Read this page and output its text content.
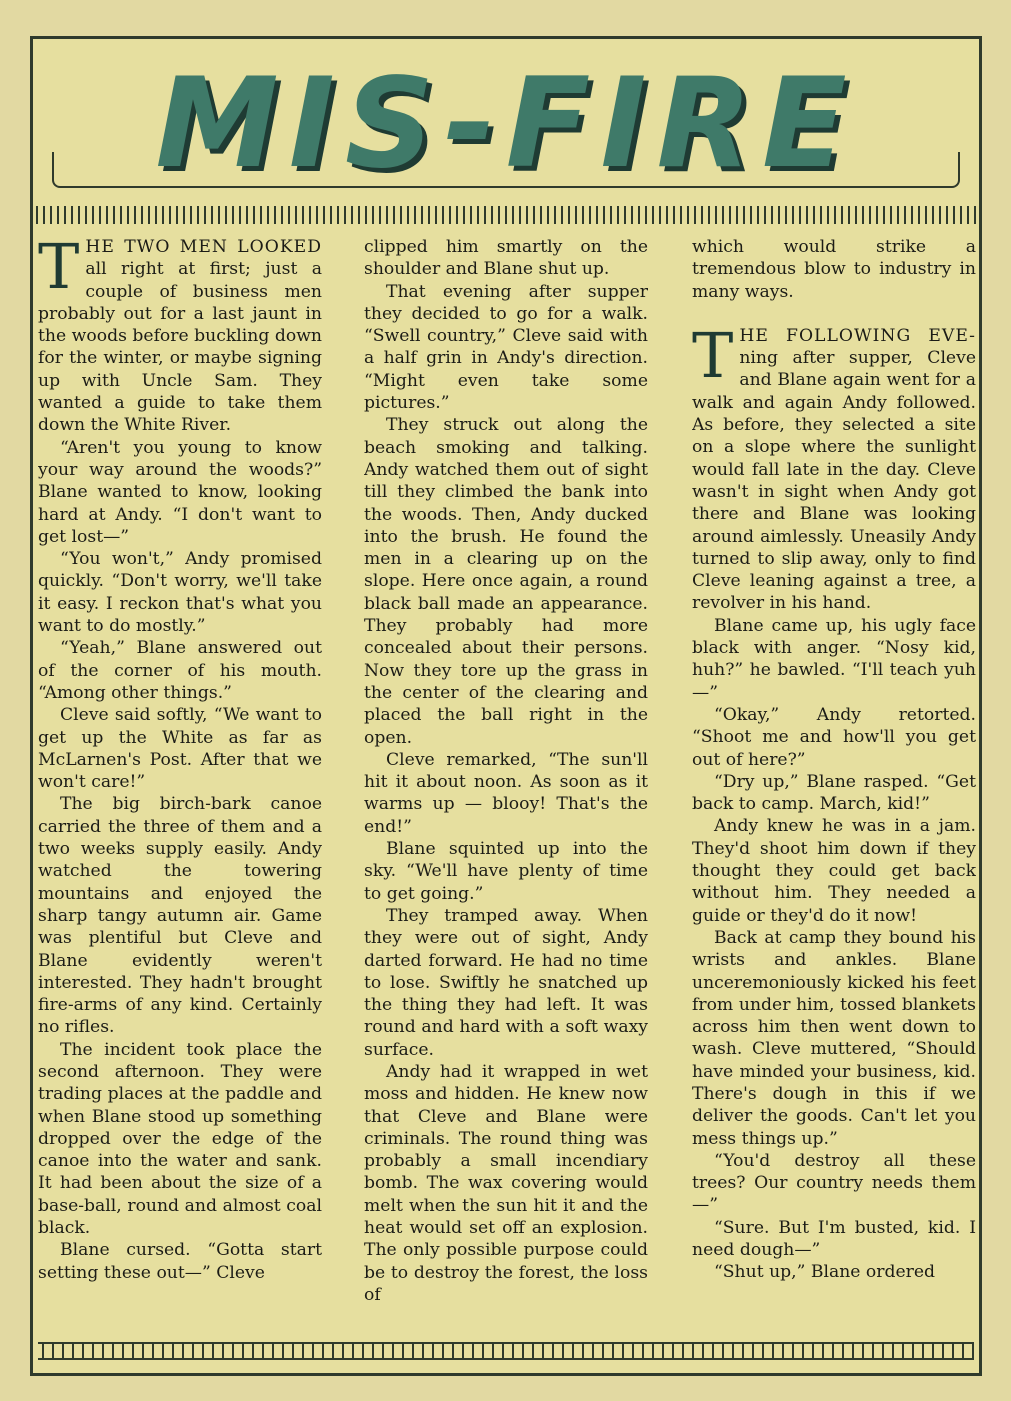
MIS-FIRE

THE TWO MEN LOOKED all right at first; just a couple of business men probably out for a last jaunt in the woods before buckling down for the winter, or maybe signing up with Uncle Sam. They wanted a guide to take them down the White River.

“Aren't you young to know your way around the woods?” Blane wanted to know, looking hard at Andy. “I don't want to get lost—”

“You won't,” Andy promised quickly. “Don't worry, we'll take it easy. I reckon that's what you want to do mostly.”

“Yeah,” Blane answered out of the corner of his mouth. “Among other things.”

Cleve said softly, “We want to get up the White as far as McLarnen's Post. After that we won't care!”

The big birch-bark canoe carried the three of them and a two weeks supply easily. Andy watched the towering mountains and enjoyed the sharp tangy autumn air. Game was plentiful but Cleve and Blane evidently weren't interested. They hadn't brought fire-arms of any kind. Certainly no rifles.

The incident took place the second afternoon. They were trading places at the paddle and when Blane stood up something dropped over the edge of the canoe into the water and sank. It had been about the size of a base-ball, round and almost coal black.

Blane cursed. “Gotta start setting these out—” Cleve

clipped him smartly on the shoulder and Blane shut up.

That evening after supper they decided to go for a walk. “Swell country,” Cleve said with a half grin in Andy's direction. “Might even take some pictures.”

They struck out along the beach smoking and talking. Andy watched them out of sight till they climbed the bank into the woods. Then, Andy ducked into the brush. He found the men in a clearing up on the slope. Here once again, a round black ball made an appearance. They probably had more concealed about their persons. Now they tore up the grass in the center of the clearing and placed the ball right in the open.

Cleve remarked, “The sun'll hit it about noon. As soon as it warms up — blooy! That's the end!”

Blane squinted up into the sky. “We'll have plenty of time to get going.”

They tramped away. When they were out of sight, Andy darted forward. He had no time to lose. Swiftly he snatched up the thing they had left. It was round and hard with a soft waxy surface.

Andy had it wrapped in wet moss and hidden. He knew now that Cleve and Blane were criminals. The round thing was probably a small incendiary bomb. The wax covering would melt when the sun hit it and the heat would set off an explosion. The only possible purpose could be to destroy the forest, the loss of

which would strike a tremendous blow to industry in many ways.

THE FOLLOWING EVE- ning after supper, Cleve and Blane again went for a walk and again Andy followed. As before, they selected a site on a slope where the sunlight would fall late in the day. Cleve wasn't in sight when Andy got there and Blane was looking around aimlessly. Uneasily Andy turned to slip away, only to find Cleve leaning against a tree, a revolver in his hand.

Blane came up, his ugly face black with anger. “Nosy kid, huh?” he bawled. “I'll teach yuh—”

“Okay,” Andy retorted. “Shoot me and how'll you get out of here?”

“Dry up,” Blane rasped. “Get back to camp. March, kid!”

Andy knew he was in a jam. They'd shoot him down if they thought they could get back without him. They needed a guide or they'd do it now!

Back at camp they bound his wrists and ankles. Blane unceremoniously kicked his feet from under him, tossed blankets across him then went down to wash. Cleve muttered, “Should have minded your business, kid. There's dough in this if we deliver the goods. Can't let you mess things up.”

“You'd destroy all these trees? Our country needs them—”

“Sure. But I'm busted, kid. I need dough—”

“Shut up,” Blane ordered
